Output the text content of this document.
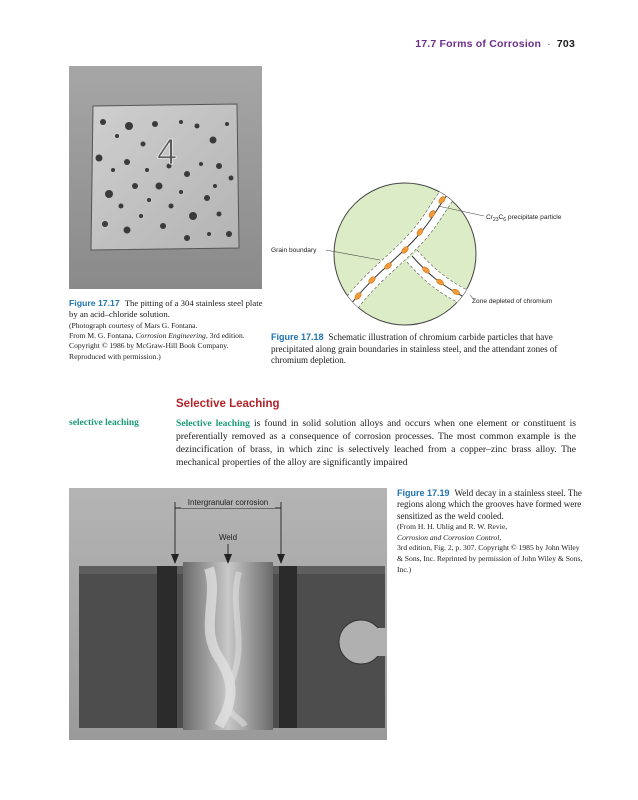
17.7 Forms of Corrosion · 703
4
Figure 17.17 The pitting of a 304 stainless steel plate by an acid–chloride solution.
(Photograph courtesy of Mars G. Fontana.
From M. G. Fontana, Corrosion Engineering, 3rd edition. Copyright © 1986 by McGraw-Hill Book Company. Reproduced with permission.)
$Cr_{23}C_6$ precipitate particle
Grain boundary
Zone depleted of chromium
Figure 17.18 Schematic illustration of chromium carbide particles that have precipitated along grain boundaries in stainless steel, and the attendant zones of chromium depletion.
Selective Leaching
selective leaching	Selective leaching is found in solid solution alloys and occurs when one element or constituent is preferentially removed as a consequence of corrosion processes. The most common example is the dezincification of brass, in which zinc is selectively leached from a copper–zinc brass alloy. The mechanical properties of the alloy are significantly impaired

Intergranular corrosion
Weld
Figure 17.19 Weld decay in a stainless steel. The regions along which the grooves have formed were sensitized as the weld cooled.
(From H. H. Uhlig and R. W. Revie,
Corrosion and Corrosion Control,
3rd edition, Fig. 2, p. 307. Copyright © 1985 by John Wiley & Sons, Inc. Reprinted by permission of John Wiley & Sons, Inc.)
